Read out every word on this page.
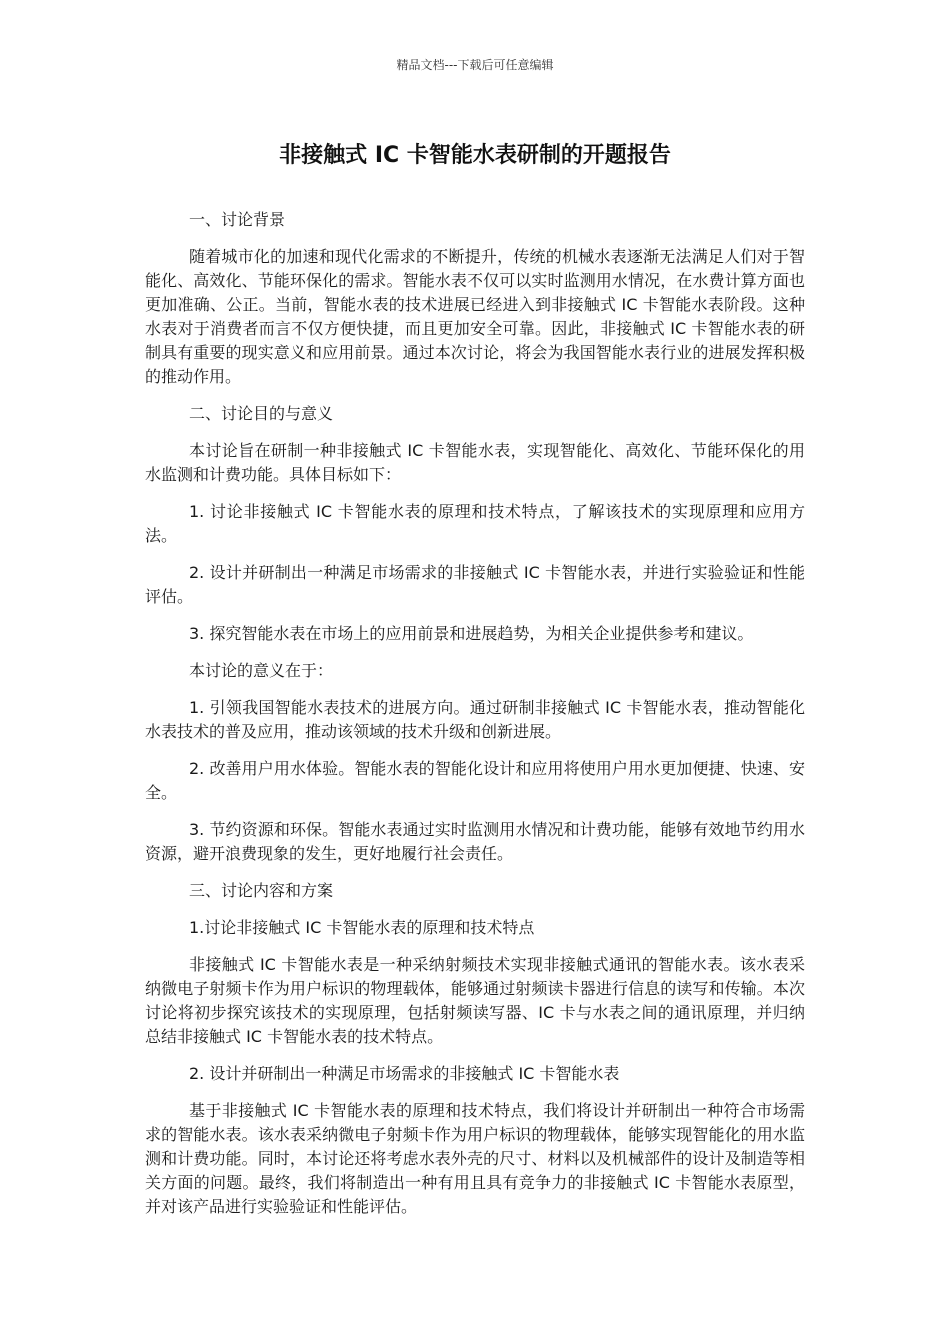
精品文档---下载后可任意编辑
非接触式 IC 卡智能水表研制的开题报告

一、讨论背景

随着城市化的加速和现代化需求的不断提升，传统的机械水表逐渐无法满足人们对于智能化、高效化、节能环保化的需求。智能水表不仅可以实时监测用水情况，在水费计算方面也更加准确、公正。当前，智能水表的技术进展已经进入到非接触式 IC 卡智能水表阶段。这种水表对于消费者而言不仅方便快捷，而且更加安全可靠。因此，非接触式 IC 卡智能水表的研制具有重要的现实意义和应用前景。通过本次讨论，将会为我国智能水表行业的进展发挥积极的推动作用。

二、讨论目的与意义

本讨论旨在研制一种非接触式 IC 卡智能水表，实现智能化、高效化、节能环保化的用水监测和计费功能。具体目标如下：

1. 讨论非接触式 IC 卡智能水表的原理和技术特点，了解该技术的实现原理和应用方法。

2. 设计并研制出一种满足市场需求的非接触式 IC 卡智能水表，并进行实验验证和性能评估。

3. 探究智能水表在市场上的应用前景和进展趋势，为相关企业提供参考和建议。

本讨论的意义在于：

1. 引领我国智能水表技术的进展方向。通过研制非接触式 IC 卡智能水表，推动智能化水表技术的普及应用，推动该领域的技术升级和创新进展。

2. 改善用户用水体验。智能水表的智能化设计和应用将使用户用水更加便捷、快速、安全。

3. 节约资源和环保。智能水表通过实时监测用水情况和计费功能，能够有效地节约用水资源，避开浪费现象的发生，更好地履行社会责任。

三、讨论内容和方案

1.讨论非接触式 IC 卡智能水表的原理和技术特点

非接触式 IC 卡智能水表是一种采纳射频技术实现非接触式通讯的智能水表。该水表采纳微电子射频卡作为用户标识的物理载体，能够通过射频读卡器进行信息的读写和传输。本次讨论将初步探究该技术的实现原理，包括射频读写器、IC 卡与水表之间的通讯原理，并归纳总结非接触式 IC 卡智能水表的技术特点。

2. 设计并研制出一种满足市场需求的非接触式 IC 卡智能水表

基于非接触式 IC 卡智能水表的原理和技术特点，我们将设计并研制出一种符合市场需求的智能水表。该水表采纳微电子射频卡作为用户标识的物理载体，能够实现智能化的用水监测和计费功能。同时，本讨论还将考虑水表外壳的尺寸、材料以及机械部件的设计及制造等相关方面的问题。最终，我们将制造出一种有用且具有竞争力的非接触式 IC 卡智能水表原型，并对该产品进行实验验证和性能评估。
